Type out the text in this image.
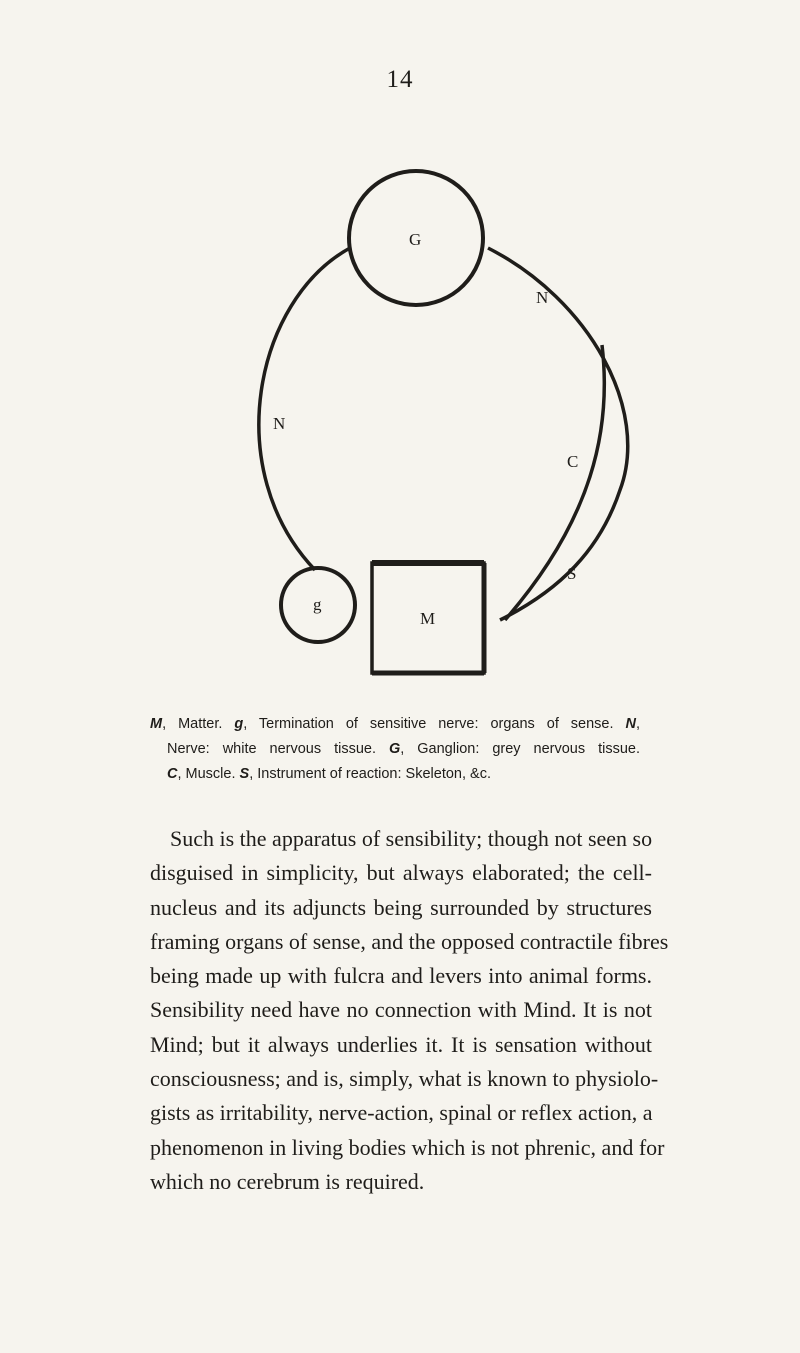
14
G
N
N
C
S
g
M
M, Matter. g, Termination of sensitive nerve: organs of sense. N,
Nerve: white nervous tissue. G, Ganglion: grey nervous tissue.
C, Muscle. S, Instrument of reaction: Skeleton, &c.
Such is the apparatus of sensibility; though not seen so
disguised in simplicity, but always elaborated; the cell-
nucleus and its adjuncts being surrounded by structures
framing organs of sense, and the opposed contractile fibres
being made up with fulcra and levers into animal forms.
Sensibility need have no connection with Mind. It is not
Mind; but it always underlies it. It is sensation without
consciousness; and is, simply, what is known to physiolo-
gists as irritability, nerve-action, spinal or reflex action, a
phenomenon in living bodies which is not phrenic, and for
which no cerebrum is required.
